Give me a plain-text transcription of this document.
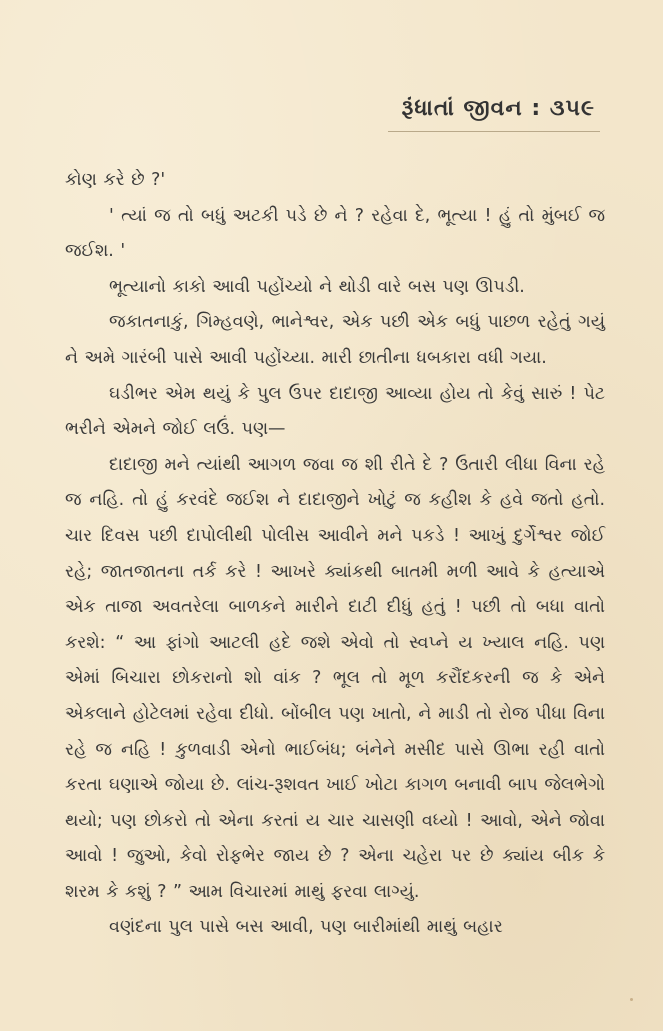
રૂંધાતાં જીવન : ૩૫૯

કોણ કરે છે ?'

' ત્યાં જ તો બધું અટકી પડે છે ને ? રહેવા દે, ભૂત્યા ! હું તો મુંબઈ જ જઈશ. '

ભૂત્યાનો કાકો આવી પહોંચ્યો ને થોડી વારે બસ પણ ઊપડી.

જકાતનાકું, ગિમ્હવણે, ભાનેશ્વર, એક પછી એક બધું પાછળ રહેતું ગયું ને અમે ગારંબી પાસે આવી પહોંચ્યા. મારી છાતીના ધબકારા વધી ગયા.

ઘડીભર એમ થયું કે પુલ ઉપર દાદાજી આવ્યા હોય તો કેવું સારું ! પેટ ભરીને એમને જોઈ લઉં. પણ—

દાદાજી મને ત્યાંથી આગળ જવા જ શી રીતે દે ? ઉતારી લીધા વિના રહે જ નહિ. તો હું કરવંદે જઈશ ને દાદાજીને ખોટું જ કહીશ કે હવે જતો હતો. ચાર દિવસ પછી દાપોલીથી પોલીસ આવીને મને પકડે ! આખું દુર્ગેશ્વર જોઈ રહે; જાતજાતના તર્ક કરે ! આખરે ક્યાંકથી બાતમી મળી આવે કે હત્યાએ એક તાજા અવતરેલા બાળકને મારીને દાટી દીધું હતું ! પછી તો બધા વાતો કરશે: “ આ ફાંગો આટલી હદે જશે એવો તો સ્વપ્ને ય ખ્યાલ નહિ. પણ એમાં બિચારા છોકરાનો શો વાંક ? ભૂલ તો મૂળ કરૌંદકરની જ કે એને એકલાને હોટેલમાં રહેવા દીધો. બોંબીલ પણ ખાતો, ને માડી તો રોજ પીધા વિના રહે જ નહિ ! કુળવાડી એનો ભાઈબંધ; બંનેને મસીદ પાસે ઊભા રહી વાતો કરતા ઘણાએ જોયા છે. લાંચ-રૂશવત ખાઈ ખોટા કાગળ બનાવી બાપ જેલભેગો થયો; પણ છોકરો તો એના કરતાં ય ચાર ચાસણી વધ્યો ! આવો, એને જોવા આવો ! જુઓ, કેવો રોફભેર જાય છે ? એના ચહેરા પર છે ક્યાંય બીક કે શરમ કે કશું ? ” આમ વિચારમાં માથું ફરવા લાગ્યું.

વણંદના પુલ પાસે બસ આવી, પણ બારીમાંથી માથું બહાર
